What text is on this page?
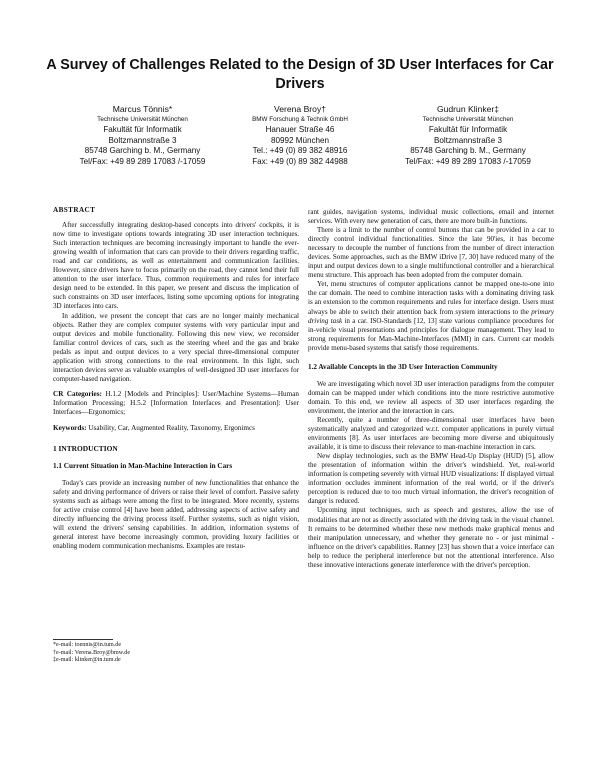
A Survey of Challenges Related to the Design of 3D User Interfaces for Car Drivers
Marcus Tönnis*
Technische Universität München
Fakultät für Informatik
Boltzmannstraße 3
85748 Garching b. M., Germany
Tel/Fax: +49 89 289 17083 /-17059
Verena Broy†
BMW Forschung & Technik GmbH
Hanauer Straße 46
80992 München
Tel.: +49 (0) 89 382 48916
Fax: +49 (0) 89 382 44988
Gudrun Klinker‡
Technische Universität München
Fakultät für Informatik
Boltzmannstraße 3
85748 Garching b. M., Germany
Tel/Fax: +49 89 289 17083 /-17059
ABSTRACT

After successfully integrating desktop-based concepts into drivers' cockpits, it is now time to investigate options towards integrating 3D user interaction techniques. Such interaction techniques are becoming increasingly important to handle the ever-growing wealth of information that cars can provide to their drivers regarding traffic, road and car conditions, as well as entertainment and communication facilities. However, since drivers have to focus primarily on the road, they cannot lend their full attention to the user interface. Thus, common requirements and rules for interface design need to be extended. In this paper, we present and discuss the implication of such constraints on 3D user interfaces, listing some upcoming options for integrating 3D interfaces into cars.

In addition, we present the concept that cars are no longer mainly mechanical objects. Rather they are complex computer systems with very particular input and output devices and mobile functionality. Following this new view, we reconsider familiar control devices of cars, such as the steering wheel and the gas and brake pedals as input and output devices to a very special three-dimensional computer application with strong connections to the real environment. In this light, such interaction devices serve as valuable examples of well-designed 3D user interfaces for computer-based navigation.

CR Categories: H.1.2 [Models and Principles]: User/Machine Systems—Human Information Processing; H.5.2 [Information Interfaces and Presentation]: User Interfaces—Ergonomics;
Keywords: Usability, Car, Augmented Reality, Taxonomy, Ergonimcs
1 INTRODUCTION
1.1 Current Situation in Man-Machine Interaction in Cars

Today's cars provide an increasing number of new functionalities that enhance the safety and driving performance of drivers or raise their level of comfort. Passive safety systems such as airbags were among the first to be integrated. More recently, systems for active cruise control [4] have been added, addressing aspects of active safety and directly influencing the driving process itself. Further systems, such as night vision, will extend the drivers' sensing capabilities. In addition, information systems of general interest have become increasingly common, providing luxury facilities or enabling modern communication mechanisms. Examples are restau-

*e-mail: toennis@in.tum.de
†e-mail: Verena.Broy@bmw.de
‡e-mail: klinker@in.tum.de

rant guides, navigation systems, individual music collections, email and internet services. With every new generation of cars, there are more built-in functions.

There is a limit to the number of control buttons that can be provided in a car to directly control individual functionalities. Since the late 90'ies, it has become necessary to decouple the number of functions from the number of direct interaction devices. Some approaches, such as the BMW iDrive [7, 30] have reduced many of the input and output devices down to a single multifunctional controller and a hierarchical menu structure. This approach has been adopted from the computer domain.

Yet, menu structures of computer applications cannot be mapped one-to-one into the car domain. The need to combine interaction tasks with a dominating driving task is an extension to the common requirements and rules for interface design. Users must always be able to switch their attention back from system interactions to the primary driving task in a car. ISO-Standards [12, 13] state various compliance procedures for in-vehicle visual presentations and principles for dialogue management. They lead to strong requirements for Man-Machine-Interfaces (MMI) in cars. Current car models provide menu-based systems that satisfy those requirements.

1.2 Available Concepts in the 3D User Interaction Community

We are investigating which novel 3D user interaction paradigms from the computer domain can be mapped under which conditions into the more restrictive automotive domain. To this end, we review all aspects of 3D user interfaces regarding the environment, the interior and the interaction in cars.

Recently, quite a number of three-dimensional user interfaces have been systematically analyzed and categorized w.r.t. computer applications in purely virtual environments [8]. As user interfaces are becoming more diverse and ubiquitously available, it is time to discuss their relevance to man-machine interaction in cars.

New display technologies, such as the BMW Head-Up Display (HUD) [5], allow the presentation of information within the driver's windshield. Yet, real-world information is competing severely with virtual HUD visualizations: If displayed virtual information occludes imminent information of the real world, or if the driver's perception is reduced due to too much virtual information, the driver's recognition of danger is reduced.

Upcoming input techniques, such as speech and gestures, allow the use of modalities that are not as directly associated with the driving task in the visual channel. It remains to be determined whether these new methods make graphical menus and their manipulation unnecessary, and whether they generate no - or just minimal - influence on the driver's capabilities. Ranney [23] has shown that a voice interface can help to reduce the peripheral interference but not the attentional interference. Also these innovative interactions generate interference with the driver's perception.
